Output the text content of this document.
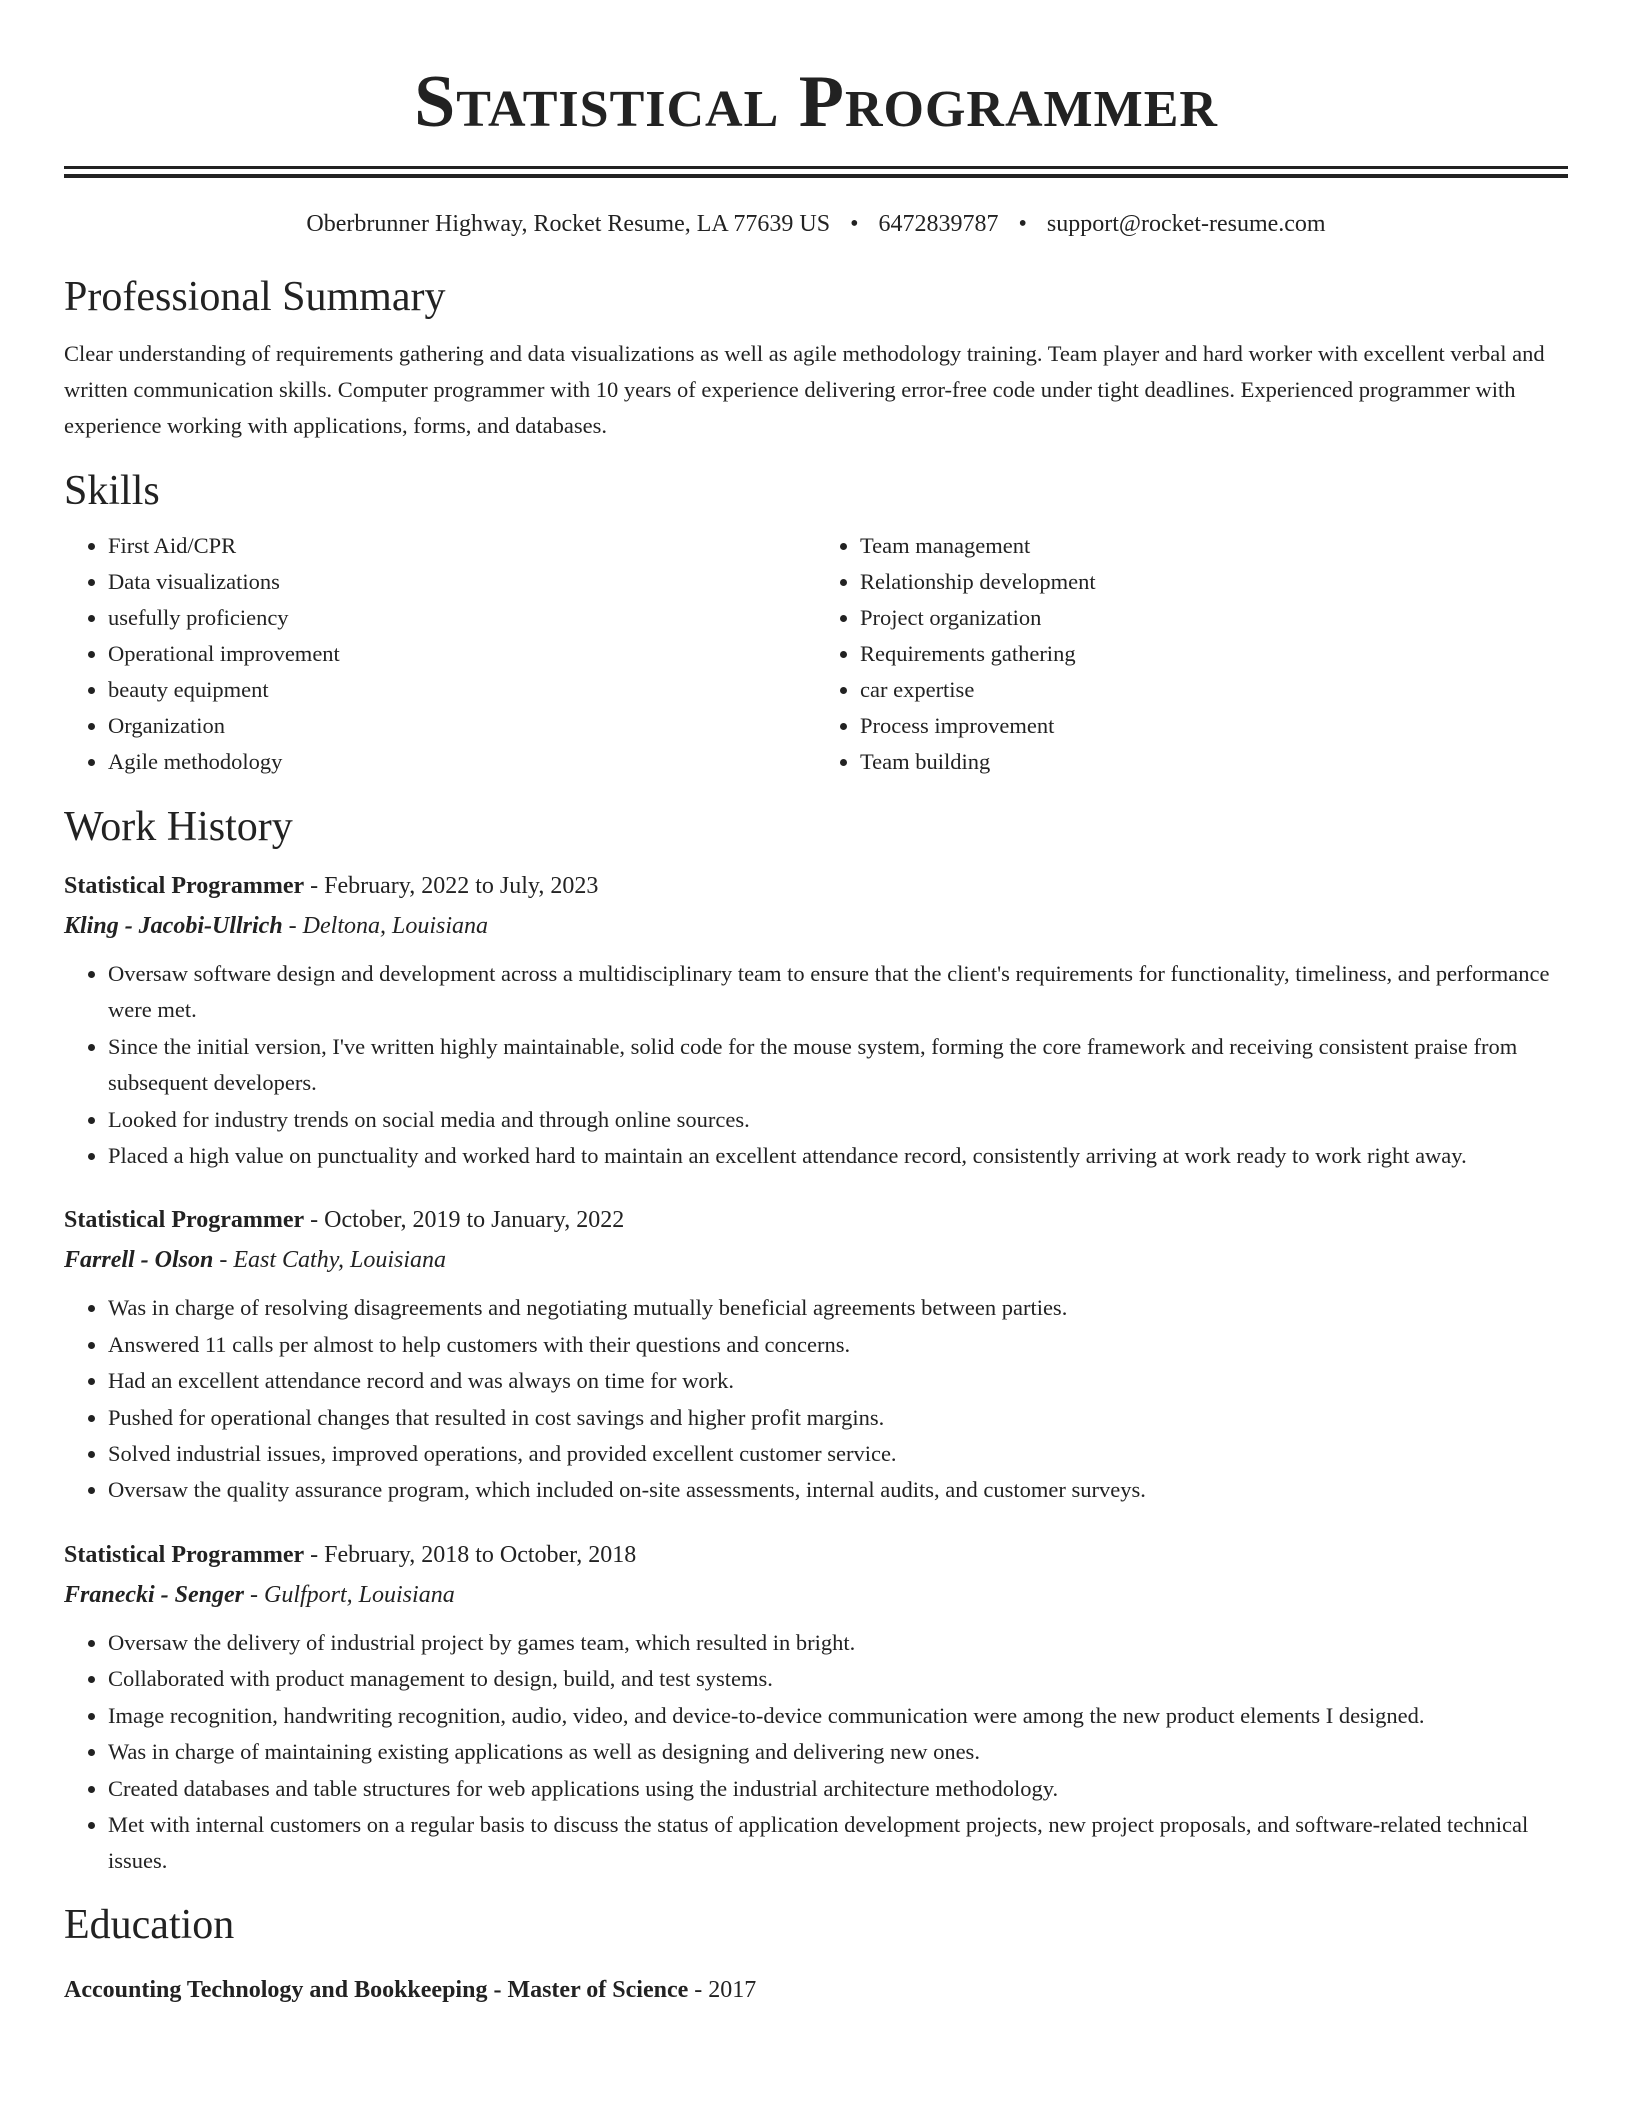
Statistical Programmer
Oberbrunner Highway, Rocket Resume, LA 77639 US • 6472839787 • support@rocket-resume.com
Professional Summary

Clear understanding of requirements gathering and data visualizations as well as agile methodology training. Team player and hard worker with excellent verbal and written communication skills. Computer programmer with 10 years of experience delivering error-free code under tight deadlines. Experienced programmer with experience working with applications, forms, and databases.

Skills
• First Aid/CPR
• Data visualizations
• usefully proficiency
• Operational improvement
• beauty equipment
• Organization
• Agile methodology
• Team management
• Relationship development
• Project organization
• Requirements gathering
• car expertise
• Process improvement
• Team building
Work History
Statistical Programmer - February, 2022 to July, 2023
Kling - Jacobi-Ullrich - Deltona, Louisiana
• Oversaw software design and development across a multidisciplinary team to ensure that the client's requirements for functionality, timeliness, and performance were met.
• Since the initial version, I've written highly maintainable, solid code for the mouse system, forming the core framework and receiving consistent praise from subsequent developers.
• Looked for industry trends on social media and through online sources.
• Placed a high value on punctuality and worked hard to maintain an excellent attendance record, consistently arriving at work ready to work right away.
Statistical Programmer - October, 2019 to January, 2022
Farrell - Olson - East Cathy, Louisiana
• Was in charge of resolving disagreements and negotiating mutually beneficial agreements between parties.
• Answered 11 calls per almost to help customers with their questions and concerns.
• Had an excellent attendance record and was always on time for work.
• Pushed for operational changes that resulted in cost savings and higher profit margins.
• Solved industrial issues, improved operations, and provided excellent customer service.
• Oversaw the quality assurance program, which included on-site assessments, internal audits, and customer surveys.
Statistical Programmer - February, 2018 to October, 2018
Franecki - Senger - Gulfport, Louisiana
• Oversaw the delivery of industrial project by games team, which resulted in bright.
• Collaborated with product management to design, build, and test systems.
• Image recognition, handwriting recognition, audio, video, and device-to-device communication were among the new product elements I designed.
• Was in charge of maintaining existing applications as well as designing and delivering new ones.
• Created databases and table structures for web applications using the industrial architecture methodology.
• Met with internal customers on a regular basis to discuss the status of application development projects, new project proposals, and software-related technical issues.
Education
Accounting Technology and Bookkeeping - Master of Science - 2017
